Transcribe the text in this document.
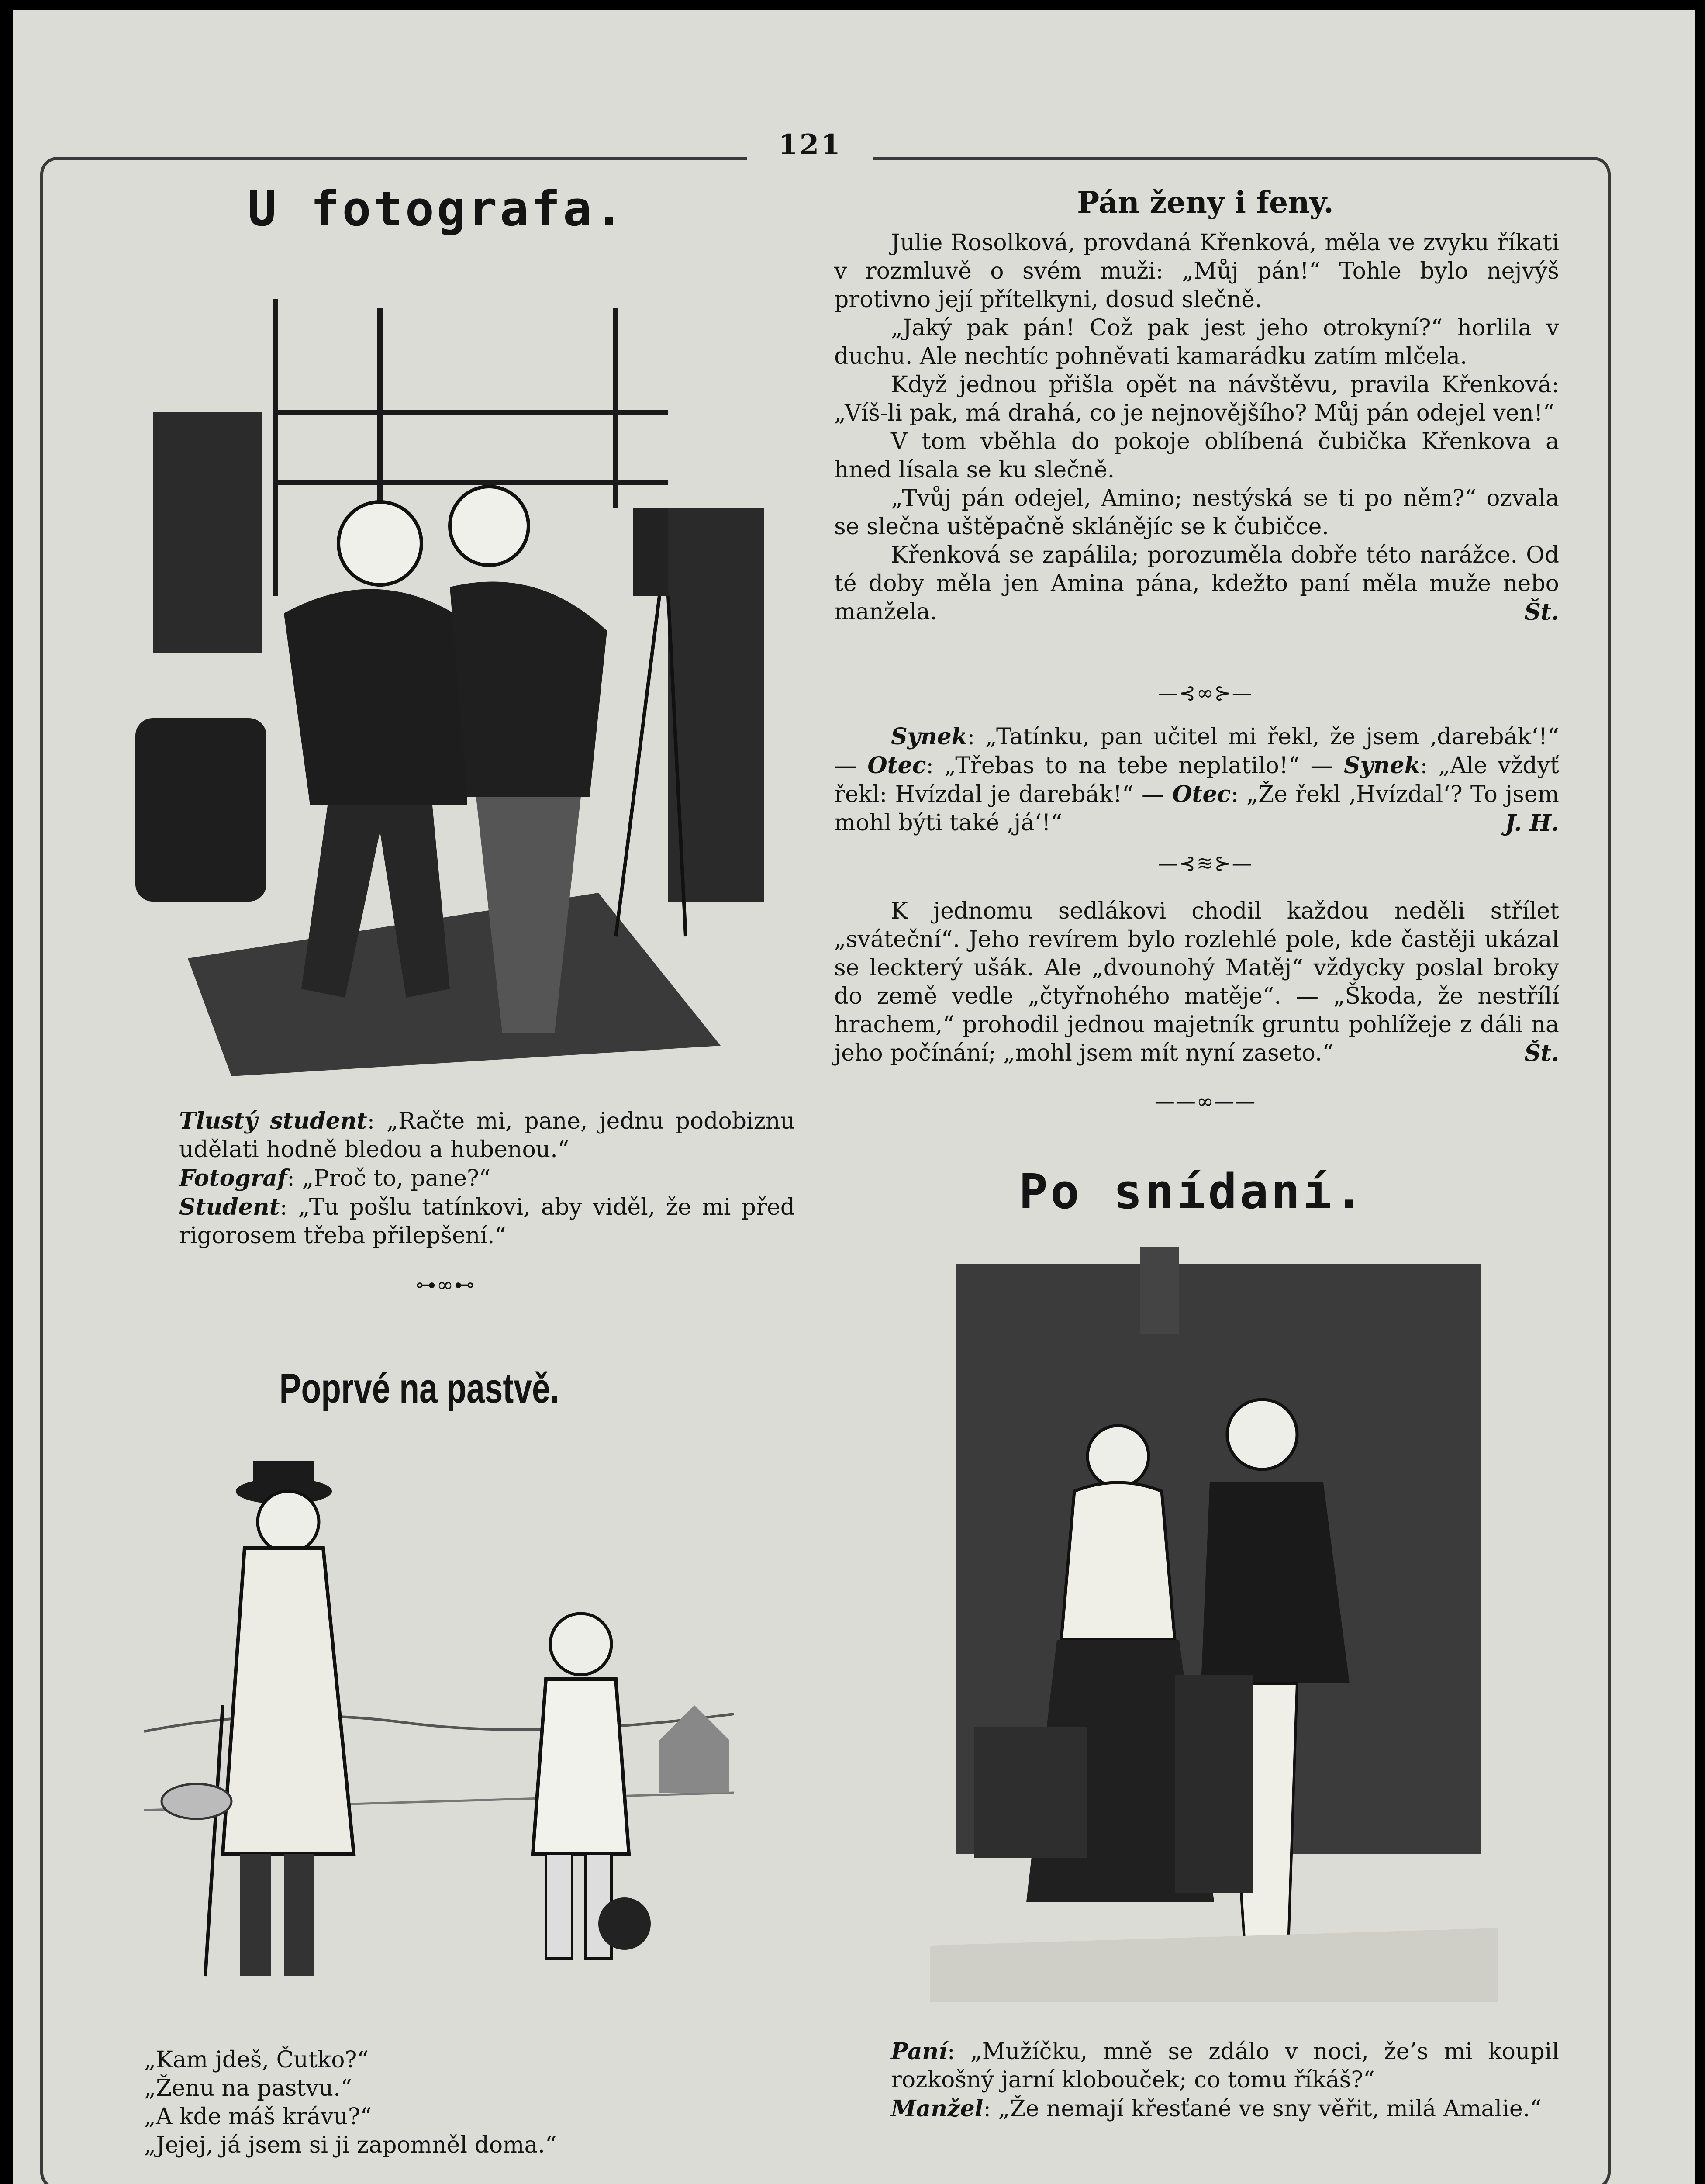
121
U fotografa.
Tlustý student: „Račte mi, pane, jednu podobiznu udělati hodně bledou a hubenou.“
Fotograf: „Proč to, pane?“
Student: „Tu pošlu tatínkovi, aby viděl, že mi před rigorosem třeba přilepšení.“
⊶∞⊷
Poprvé na pastvě.
„Kam jdeš, Čutko?“
„Ženu na pastvu.“
„A kde máš krávu?“
„Jejej, já jsem si ji zapomněl doma.“
Pán ženy i feny.

Julie Rosolková, provdaná Křenková, měla ve zvyku říkati v rozmluvě o svém muži: „Můj pán!“ Tohle bylo nejvýš protivno její přítelkyni, dosud slečně.

„Jaký pak pán! Což pak jest jeho otrokyní?“ horlila v duchu. Ale nechtíc pohněvati kamarádku zatím mlčela.

Když jednou přišla opět na návštěvu, pravila Křenková: „Víš-li pak, má drahá, co je nejnovějšího? Můj pán odejel ven!“

V tom vběhla do pokoje oblíbená čubička Křenkova a hned lísala se ku slečně.

„Tvůj pán odejel, Amino; nestýská se ti po něm?“ ozvala se slečna uštěpačně sklánějíc se k čubičce.

Křenková se zapálila; porozuměla dobře této narážce. Od té doby měla jen Amina pána, kdežto paní měla muže nebo manžela.	Št.

—⊰∞⊱—

Synek: „Tatínku, pan učitel mi řekl, že jsem ‚darebák‘!“ — Otec: „Třebas to na tebe neplatilo!“ — Synek: „Ale vždyť řekl: Hvízdal je darebák!“ — Otec: „Že řekl ‚Hvízdal‘? To jsem mohl býti také ‚já‘!“	J. H.

—⊰≋⊱—

K jednomu sedlákovi chodil každou neděli střílet „sváteční“. Jeho revírem bylo rozlehlé pole, kde častěji ukázal se leckterý ušák. Ale „dvounohý Matěj“ vždycky poslal broky do země vedle „čtyřnohého matěje“. — „Škoda, že nestřílí hrachem,“ prohodil jednou majetník gruntu pohlížeje z dáli na jeho počínání; „mohl jsem mít nyní zaseto.“	Št.

——∞——
Po snídaní.
Paní: „Mužíčku, mně se zdálo v noci, že’s mi koupil rozkošný jarní klobouček; co tomu říkáš?“
Manžel: „Že nemají křesťané ve sny věřit, milá Amalie.“
